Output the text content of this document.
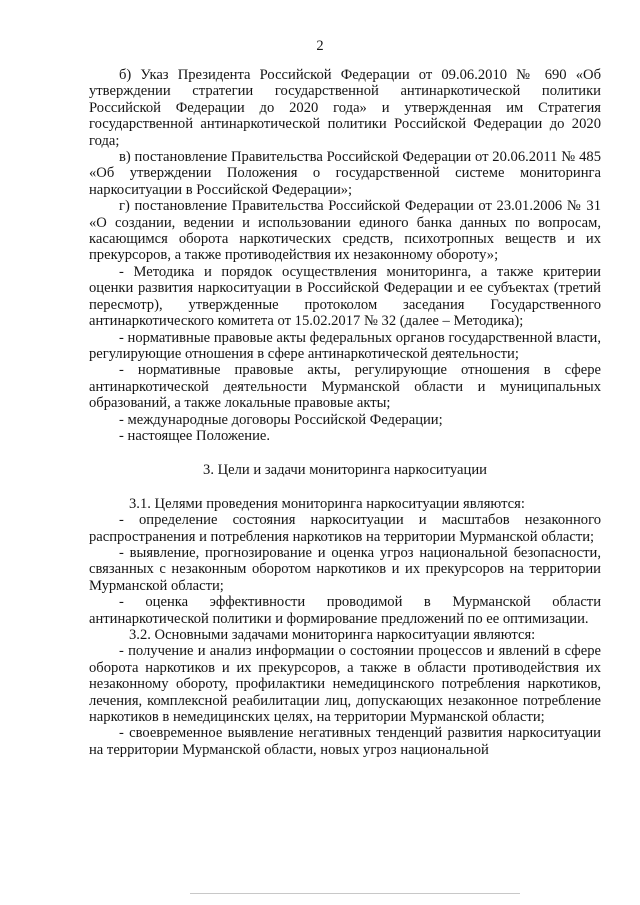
2

б) Указ Президента Российской Федерации от 09.06.2010 № 690 «Об утверждении стратегии государственной антинаркотической политики Российской Федерации до 2020 года» и утвержденная им Стратегия государственной антинаркотической политики Российской Федерации до 2020 года;

в) постановление Правительства Российской Федерации от 20.06.2011 № 485 «Об утверждении Положения о государственной системе мониторинга наркоситуации в Российской Федерации»;

г) постановление Правительства Российской Федерации от 23.01.2006 № 31 «О создании, ведении и использовании единого банка данных по вопросам, касающимся оборота наркотических средств, психотропных веществ и их прекурсоров, а также противодействия их незаконному обороту»;

- Методика и порядок осуществления мониторинга, а также критерии оценки развития наркоситуации в Российской Федерации и ее субъектах (третий пересмотр), утвержденные протоколом заседания Государственного антинаркотического комитета от 15.02.2017 № 32 (далее – Методика);

- нормативные правовые акты федеральных органов государственной власти, регулирующие отношения в сфере антинаркотической деятельности;

- нормативные правовые акты, регулирующие отношения в сфере антинаркотической деятельности Мурманской области и муниципальных образований, а также локальные правовые акты;

- международные договоры Российской Федерации;

- настоящее Положение.

3. Цели и задачи мониторинга наркоситуации

3.1. Целями проведения мониторинга наркоситуации являются:

- определение состояния наркоситуации и масштабов незаконного распространения и потребления наркотиков на территории Мурманской области;

- выявление, прогнозирование и оценка угроз национальной безопасности, связанных с незаконным оборотом наркотиков и их прекурсоров на территории Мурманской области;

- оценка эффективности проводимой в Мурманской области антинаркотической политики и формирование предложений по ее оптимизации.

3.2. Основными задачами мониторинга наркоситуации являются:

- получение и анализ информации о состоянии процессов и явлений в сфере оборота наркотиков и их прекурсоров, а также в области противодействия их незаконному обороту, профилактики немедицинского потребления наркотиков, лечения, комплексной реабилитации лиц, допускающих незаконное потребление наркотиков в немедицинских целях, на территории Мурманской области;

- своевременное выявление негативных тенденций развития наркоситуации на территории Мурманской области, новых угроз национальной
